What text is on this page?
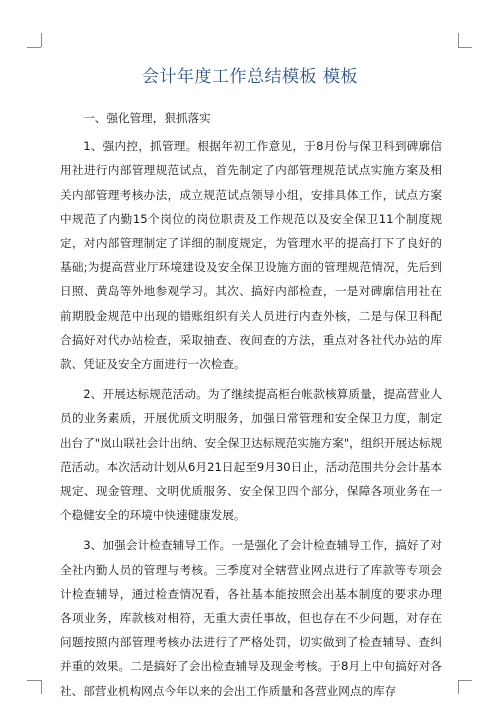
会计年度工作总结模板 模板

一、强化管理，狠抓落实

1、强内控，抓管理。根据年初工作意见，于8月份与保卫科到碑廓信用社进行内部管理规范试点，首先制定了内部管理规范试点实施方案及相关内部管理考核办法，成立规范试点领导小组，安排具体工作，试点方案中规范了内勤15个岗位的岗位职责及工作规范以及安全保卫11个制度规定，对内部管理制定了详细的制度规定，为管理水平的提高打下了良好的基础;为提高营业厅环境建设及安全保卫设施方面的管理规范情况，先后到日照、黄岛等外地参观学习。其次、搞好内部检查，一是对碑廓信用社在前期股金规范中出现的错账组织有关人员进行内查外核，二是与保卫科配合搞好对代办站检查，采取抽查、夜间查的方法，重点对各社代办站的库款、凭证及安全方面进行一次检查。

2、开展达标规范活动。为了继续提高柜台帐款核算质量，提高营业人员的业务素质，开展优质文明服务，加强日常管理和安全保卫力度，制定出台了"岚山联社会计出纳、安全保卫达标规范实施方案"，组织开展达标规范活动。本次活动计划从6月21日起至9月30日止，活动范围共分会计基本规定、现金管理、文明优质服务、安全保卫四个部分，保障各项业务在一个稳健安全的环境中快速健康发展。

3、加强会计检查辅导工作。一是强化了会计检查辅导工作，搞好了对全社内勤人员的管理与考核。三季度对全辖营业网点进行了库款等专项会计检查辅导，通过检查情况看，各社基本能按照会出基本制度的要求办理各项业务，库款核对相符，无重大责任事故，但也存在不少问题，对存在问题按照内部管理考核办法进行了严格处罚，切实做到了检查辅导、查纠并重的效果。二是搞好了会出检查辅导及现金考核。于8月上中旬搞好对各社、部营业机构网点今年以来的会出工作质量和各营业网点的库存
